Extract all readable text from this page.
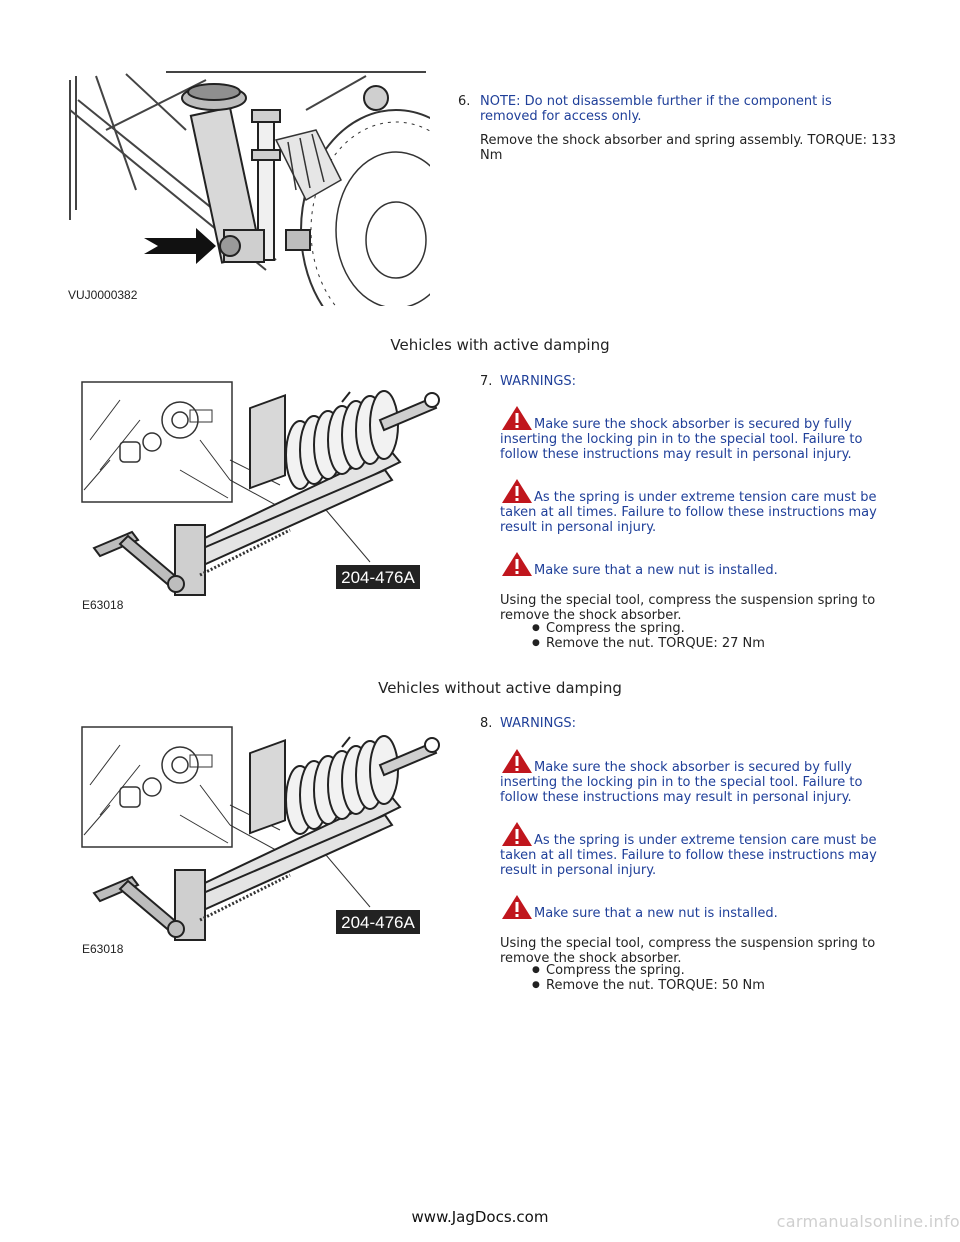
VUJ0000382
6. NOTE: Do not disassemble further if the component is removed for access only.
Remove the shock absorber and spring assembly. TORQUE: 133 Nm
Vehicles with active damping
204-476A
E63018
7. WARNINGS:
Make sure the shock absorber is secured by fully inserting the locking pin in to the special tool. Failure to follow these instructions may result in personal injury.
As the spring is under extreme tension care must be taken at all times. Failure to follow these instructions may result in personal injury.
Make sure that a new nut is installed.
Using the special tool, compress the suspension spring to remove the shock absorber.
● Compress the spring.
● Remove the nut. TORQUE: 27 Nm
Vehicles without active damping
204-476A
E63018
8. WARNINGS:
Make sure the shock absorber is secured by fully inserting the locking pin in to the special tool. Failure to follow these instructions may result in personal injury.
As the spring is under extreme tension care must be taken at all times. Failure to follow these instructions may result in personal injury.
Make sure that a new nut is installed.
Using the special tool, compress the suspension spring to remove the shock absorber.
● Compress the spring.
● Remove the nut. TORQUE: 50 Nm
www.JagDocs.com	carmanualsonline.info
